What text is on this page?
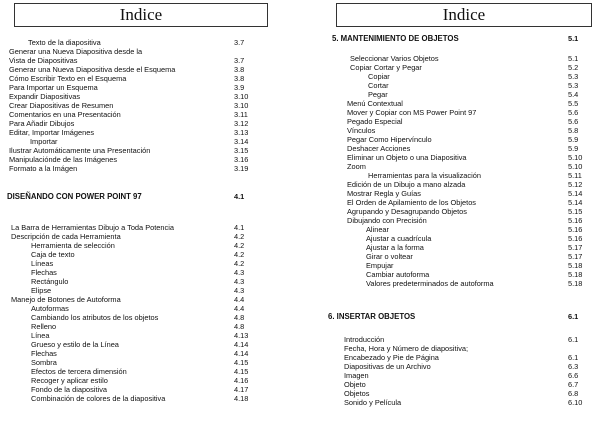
Indice
Texto de la diapositiva	3.7
Generar una Nueva Diapositiva desde la
Vista de Diapositivas	3.7
Generar una Nueva Diapositiva desde el Esquema	3.8
Cómo Escribir Texto en el Esquema	3.8
Para Importar un Esquema	3.9
Expandir Diapositivas	3.10
Crear Diapositivas de Resumen	3.10
Comentarios en una Presentación	3.11
Para Añadir Dibujos	3.12
Editar, Importar Imágenes	3.13
Importar	3.14
Ilustrar Automáticamente una Presentación	3.15
Manipulaciónde de las Imágenes	3.16
Formato a la Imágen	3.19
DISEÑANDO CON POWER POINT 97	4.1
La Barra de Herramientas Dibujo a Toda Potencia	4.1
Descripción de cada Herramienta	4.2
Herramienta de selección	4.2
Caja de texto	4.2
Líneas	4.2
Flechas	4.3
Rectángulo	4.3
Elipse	4.3
Manejo de Botones de Autoforma	4.4
Autoformas	4.4
Cambiando los atributos de los objetos	4.8
Relleno	4.8
Línea	4.13
Grueso y estilo de la Línea	4.14
Flechas	4.14
Sombra	4.15
Efectos de tercera dimensión	4.15
Recoger y aplicar estilo	4.16
Fondo de la diapositiva	4.17
Combinación de colores de la diapositiva	4.18
Indice
5. MANTENIMIENTO DE OBJETOS	5.1
Seleccionar Varios Objetos	5.1
Copiar Cortar y Pegar	5.2
Copiar	5.3
Cortar	5.3
Pegar	5.4
Menú Contextual	5.5
Mover y Copiar con MS Power Point 97	5.6
Pegado Especial	5.6
Vínculos	5.8
Pegar Como Hipervínculo	5.9
Deshacer Acciones	5.9
Eliminar un Objeto o una Diapositiva	5.10
Zoom	5.10
Herramientas para la visualización	5.11
Edición de un Dibujo a mano alzada	5.12
Mostrar Regla y Guías	5.14
El Orden de Apilamiento de los Objetos	5.14
Agrupando y Desagrupando Objetos	5.15
Dibujando con Precisión	5.16
Alinear	5.16
Ajustar a cuadrícula	5.16
Ajustar a la forma	5.17
Girar o voltear	5.17
Empujar	5.18
Cambiar autoforma	5.18
Valores predeterminados de autoforma	5.18
6. INSERTAR OBJETOS	6.1
Introducción	6.1
Fecha, Hora y Número de diapositiva;
Encabezado y Pie de Página	6.1
Diapositivas de un Archivo	6.3
Imagen	6.6
Objeto	6.7
Objetos	6.8
Sonido y Película	6.10
